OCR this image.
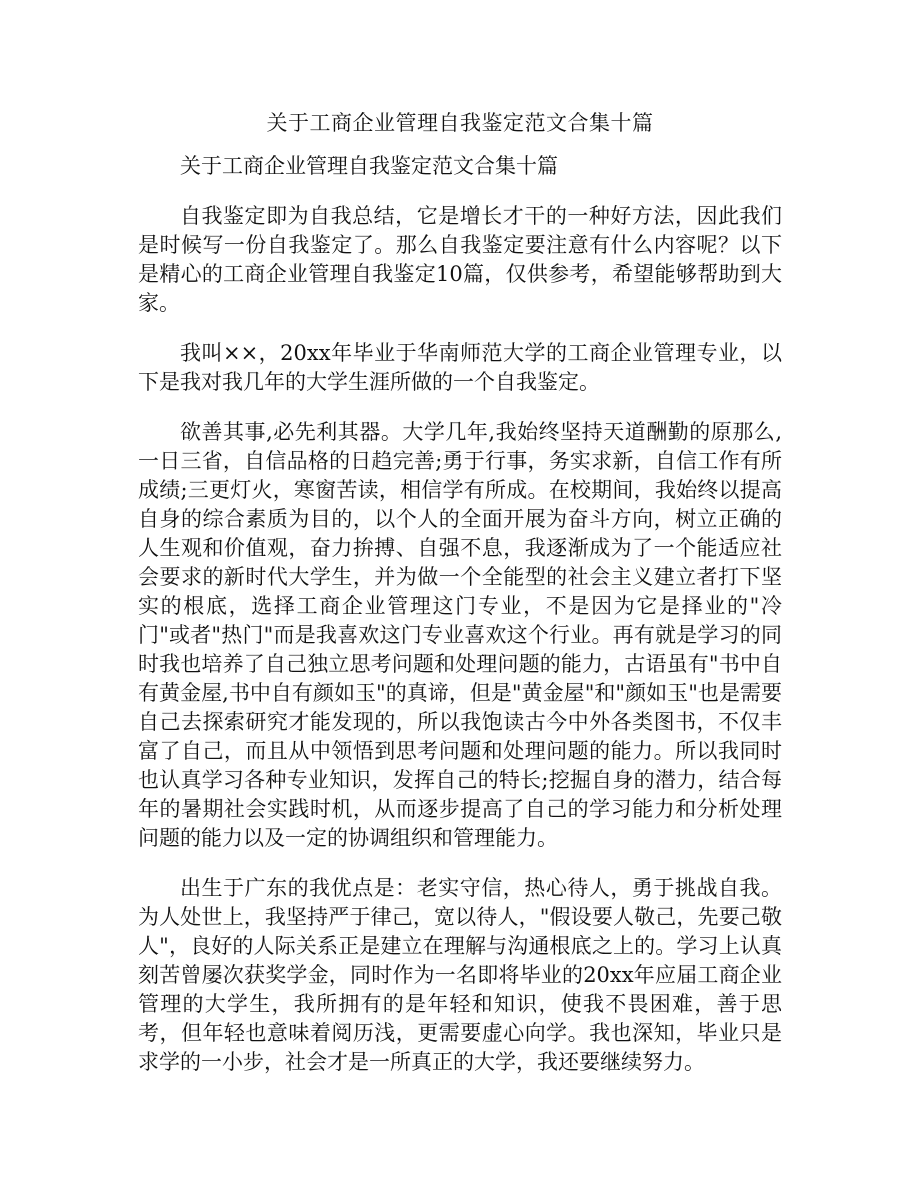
关于工商企业管理自我鉴定范文合集十篇

关于工商企业管理自我鉴定范文合集十篇

自我鉴定即为自我总结，它是增长才干的一种好方法，因此我们是时候写一份自我鉴定了。那么自我鉴定要注意有什么内容呢？以下是精心的工商企业管理自我鉴定10篇，仅供参考，希望能够帮助到大家。

我叫××，20xx年毕业于华南师范大学的工商企业管理专业，以下是我对我几年的大学生涯所做的一个自我鉴定。

欲善其事,必先利其器。大学几年,我始终坚持天道酬勤的原那么,一日三省，自信品格的日趋完善;勇于行事，务实求新，自信工作有所成绩;三更灯火，寒窗苦读，相信学有所成。在校期间，我始终以提高自身的综合素质为目的，以个人的全面开展为奋斗方向，树立正确的人生观和价值观，奋力拚搏、自强不息，我逐渐成为了一个能适应社会要求的新时代大学生，并为做一个全能型的社会主义建立者打下坚实的根底，选择工商企业管理这门专业，不是因为它是择业的"冷门"或者"热门"而是我喜欢这门专业喜欢这个行业。再有就是学习的同时我也培养了自己独立思考问题和处理问题的能力，古语虽有"书中自有黄金屋,书中自有颜如玉"的真谛，但是"黄金屋"和"颜如玉"也是需要自己去探索研究才能发现的，所以我饱读古今中外各类图书，不仅丰富了自己，而且从中领悟到思考问题和处理问题的能力。所以我同时也认真学习各种专业知识，发挥自己的特长;挖掘自身的潜力，结合每年的暑期社会实践时机，从而逐步提高了自己的学习能力和分析处理问题的能力以及一定的协调组织和管理能力。

出生于广东的我优点是：老实守信，热心待人，勇于挑战自我。为人处世上，我坚持严于律己，宽以待人，"假设要人敬己，先要己敬人"，良好的人际关系正是建立在理解与沟通根底之上的。学习上认真刻苦曾屡次获奖学金，同时作为一名即将毕业的20xx年应届工商企业管理的大学生，我所拥有的是年轻和知识，使我不畏困难，善于思考，但年轻也意味着阅历浅，更需要虚心向学。我也深知，毕业只是求学的一小步，社会才是一所真正的大学，我还要继续努力。
